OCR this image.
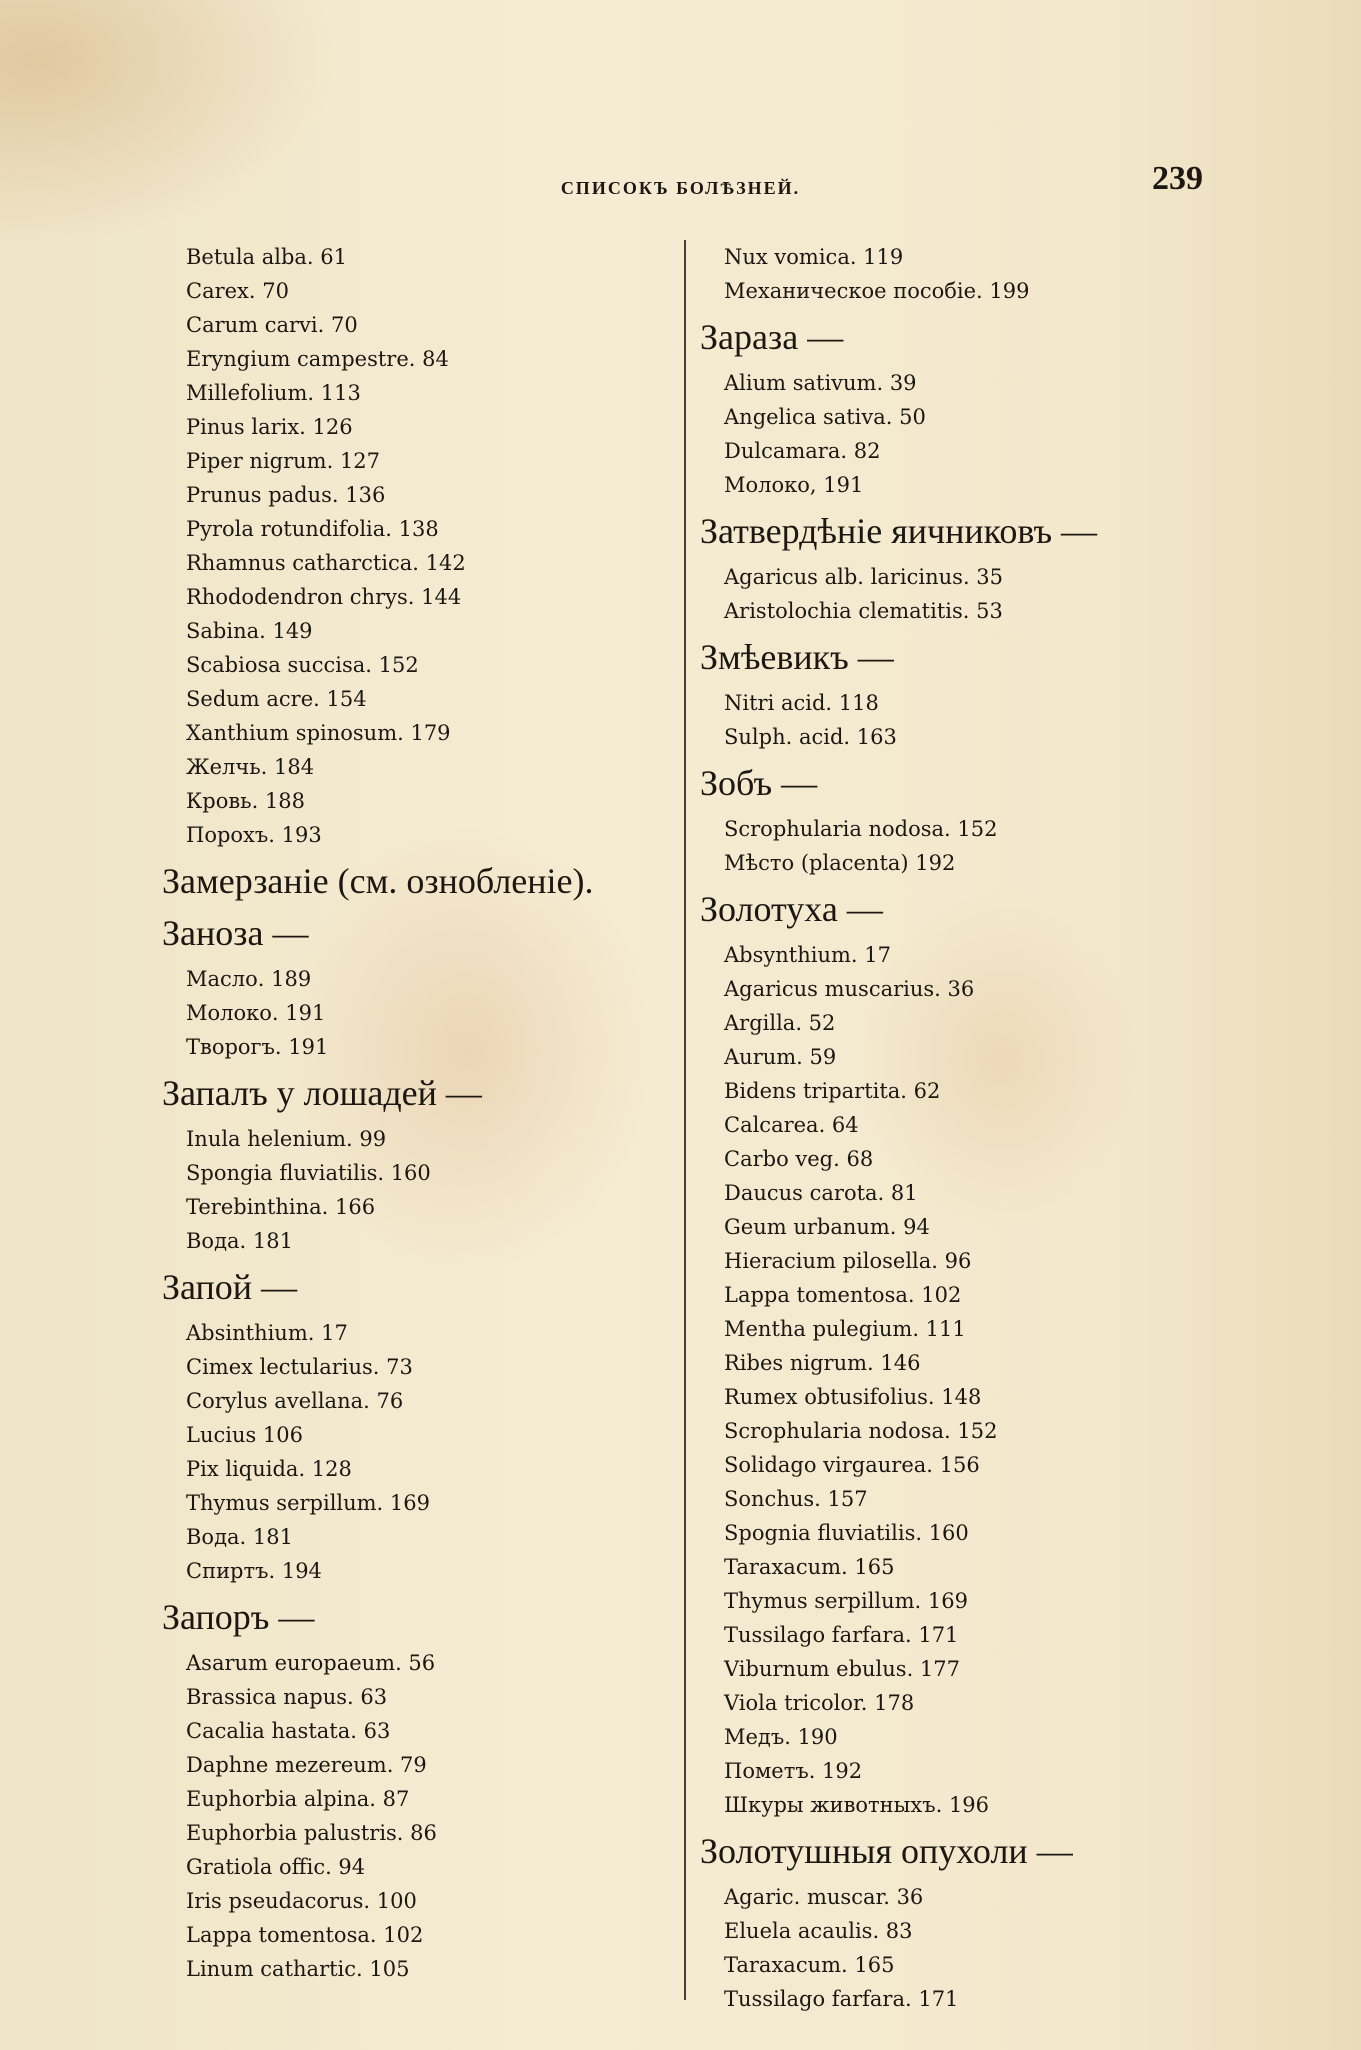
СПИСОКЪ БОЛѢЗНЕЙ.	239
Betula alba. 61
Carex. 70
Carum carvi. 70
Eryngium campestre. 84
Millefolium. 113
Pinus larix. 126
Piper nigrum. 127
Prunus padus. 136
Pyrola rotundifolia. 138
Rhamnus catharctica. 142
Rhododendron chrys. 144
Sabina. 149
Scabiosa succisa. 152
Sedum acre. 154
Xanthium spinosum. 179
Желчь. 184
Кровь. 188
Порохъ. 193
Замерзаніе (см. ознобленіе).
Заноза —
Масло. 189
Молоко. 191
Творогъ. 191
Запалъ у лошадей —
Inula helenium. 99
Spongia fluviatilis. 160
Terebinthina. 166
Вода. 181
Запой —
Absinthium. 17
Cimex lectularius. 73
Corylus avellana. 76
Lucius 106
Pix liquida. 128
Thymus serpillum. 169
Вода. 181
Спиртъ. 194
Запоръ —
Asarum europaeum. 56
Brassica napus. 63
Cacalia hastata. 63
Daphne mezereum. 79
Euphorbia alpina. 87
Euphorbia palustris. 86
Gratiola offic. 94
Iris pseudacorus. 100
Lappa tomentosa. 102
Linum cathartic. 105
Nux vomica. 119
Механическое пособіе. 199
Зараза —
Alium sativum. 39
Angelica sativa. 50
Dulcamara. 82
Молоко, 191
Затвердѣніе яичниковъ —
Agaricus alb. laricinus. 35
Aristolochia clematitis. 53
Змѣевикъ —
Nitri acid. 118
Sulph. acid. 163
Зобъ —
Scrophularia nodosa. 152
Мѣсто (placenta) 192
Золотуха —
Absynthium. 17
Agaricus muscarius. 36
Argilla. 52
Aurum. 59
Bidens tripartita. 62
Calcarea. 64
Carbo veg. 68
Daucus carota. 81
Geum urbanum. 94
Hieracium pilosella. 96
Lappa tomentosa. 102
Mentha pulegium. 111
Ribes nigrum. 146
Rumex obtusifolius. 148
Scrophularia nodosa. 152
Solidago virgaurea. 156
Sonchus. 157
Spognia fluviatilis. 160
Taraxacum. 165
Thymus serpillum. 169
Tussilago farfara. 171
Viburnum ebulus. 177
Viola tricolor. 178
Медъ. 190
Пометъ. 192
Шкуры животныхъ. 196
Золотушныя опухоли —
Agaric. muscar. 36
Eluela acaulis. 83
Taraxacum. 165
Tussilago farfara. 171
